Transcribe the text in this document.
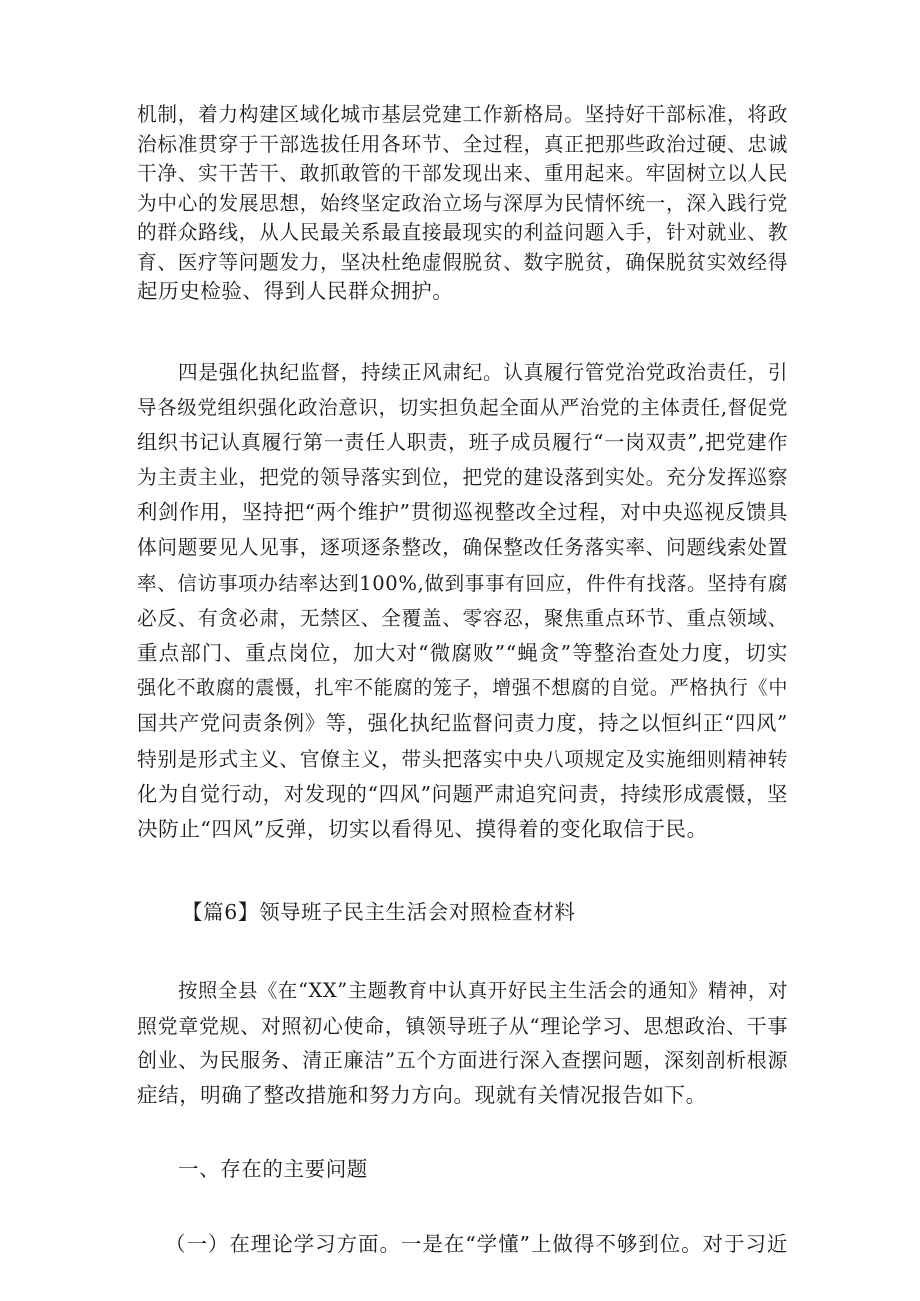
机制，着力构建区域化城市基层党建工作新格局。坚持好干部标准，将政
治标准贯穿于干部选拔任用各环节、全过程，真正把那些政治过硬、忠诚
干净、实干苦干、敢抓敢管的干部发现出来、重用起来。牢固树立以人民
为中心的发展思想，始终坚定政治立场与深厚为民情怀统一，深入践行党
的群众路线，从人民最关系最直接最现实的利益问题入手，针对就业、教
育、医疗等问题发力，坚决杜绝虚假脱贫、数字脱贫，确保脱贫实效经得
起历史检验、得到人民群众拥护。
四是强化执纪监督，持续正风肃纪。认真履行管党治党政治责任，引
导各级党组织强化政治意识，切实担负起全面从严治党的主体责任,督促党
组织书记认真履行第一责任人职责，班子成员履行“一岗双责”,把党建作
为主责主业，把党的领导落实到位，把党的建设落到实处。充分发挥巡察
利剑作用，坚持把“两个维护”贯彻巡视整改全过程，对中央巡视反馈具
体问题要见人见事，逐项逐条整改，确保整改任务落实率、问题线索处置
率、信访事项办结率达到100%,做到事事有回应，件件有找落。坚持有腐
必反、有贪必肃，无禁区、全覆盖、零容忍，聚焦重点环节、重点领域、
重点部门、重点岗位，加大对“微腐败”“蝇贪”等整治查处力度，切实
强化不敢腐的震慑，扎牢不能腐的笼子，增强不想腐的自觉。严格执行《中
国共产党问责条例》等，强化执纪监督问责力度，持之以恒纠正“四风”
特别是形式主义、官僚主义，带头把落实中央八项规定及实施细则精神转
化为自觉行动，对发现的“四风”问题严肃追究问责，持续形成震慑，坚
决防止“四风”反弹，切实以看得见、摸得着的变化取信于民。
【篇6】领导班子民主生活会对照检查材料
按照全县《在“XX”主题教育中认真开好民主生活会的通知》精神，对
照党章党规、对照初心使命，镇领导班子从“理论学习、思想政治、干事
创业、为民服务、清正廉洁”五个方面进行深入查摆问题，深刻剖析根源
症结，明确了整改措施和努力方向。现就有关情况报告如下。
一、存在的主要问题
（一）在理论学习方面。一是在“学懂”上做得不够到位。对于习近
